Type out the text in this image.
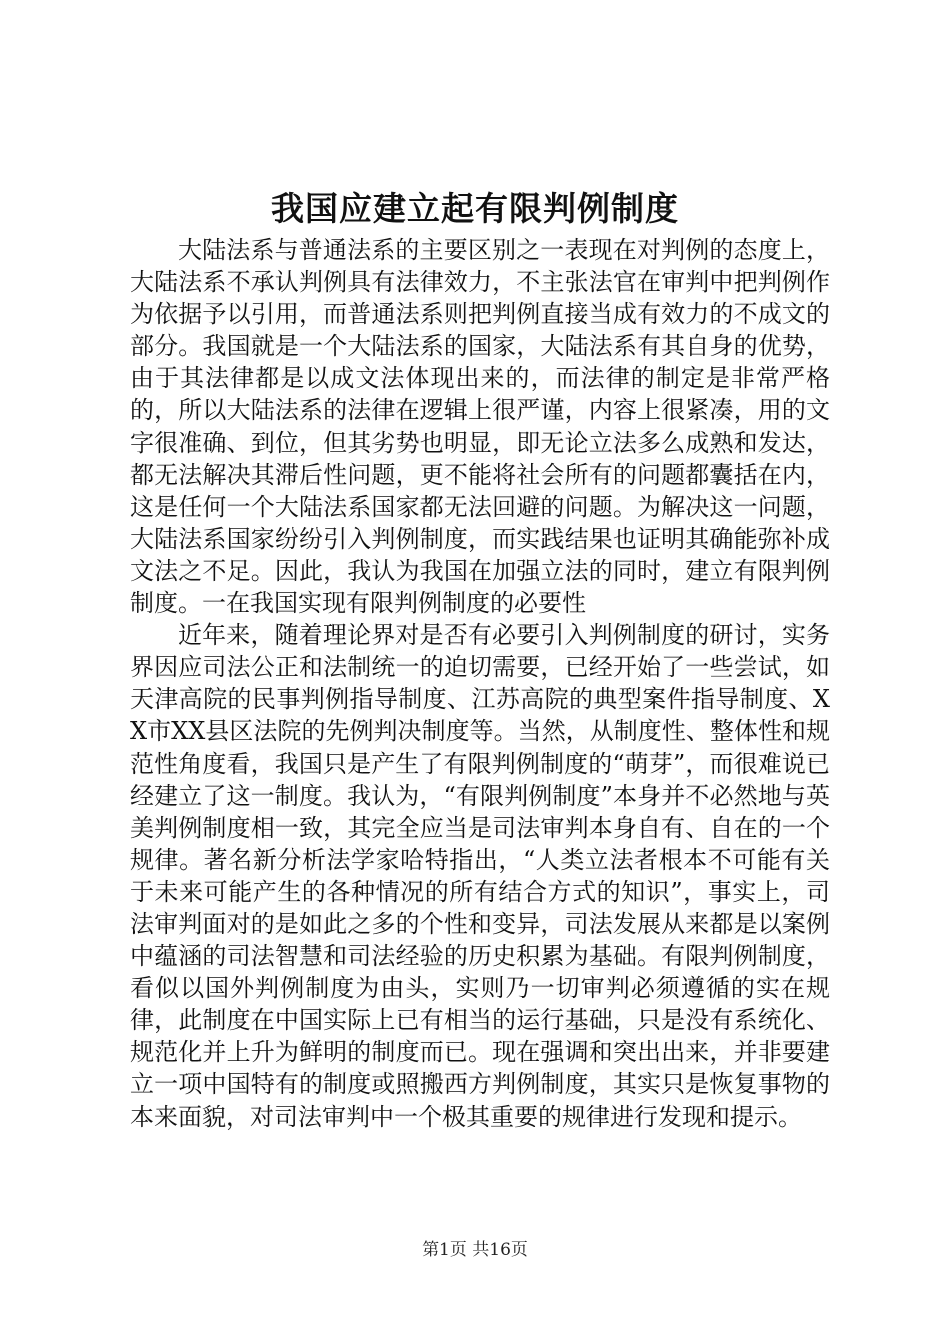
我国应建立起有限判例制度

大陆法系与普通法系的主要区别之一表现在对判例的态度上，大陆法系不承认判例具有法律效力，不主张法官在审判中把判例作为依据予以引用，而普通法系则把判例直接当成有效力的不成文的部分。我国就是一个大陆法系的国家，大陆法系有其自身的优势，由于其法律都是以成文法体现出来的，而法律的制定是非常严格的，所以大陆法系的法律在逻辑上很严谨，内容上很紧凑，用的文字很准确、到位，但其劣势也明显，即无论立法多么成熟和发达，都无法解决其滞后性问题，更不能将社会所有的问题都囊括在内，这是任何一个大陆法系国家都无法回避的问题。为解决这一问题，大陆法系国家纷纷引入判例制度，而实践结果也证明其确能弥补成文法之不足。因此，我认为我国在加强立法的同时，建立有限判例制度。一在我国实现有限判例制度的必要性

近年来，随着理论界对是否有必要引入判例制度的研讨，实务界因应司法公正和法制统一的迫切需要，已经开始了一些尝试，如天津高院的民事判例指导制度、江苏高院的典型案件指导制度、XX市XX县区法院的先例判决制度等。当然，从制度性、整体性和规范性角度看，我国只是产生了有限判例制度的“萌芽”，而很难说已经建立了这一制度。我认为，“有限判例制度”本身并不必然地与英美判例制度相一致，其完全应当是司法审判本身自有、自在的一个规律。著名新分析法学家哈特指出，“人类立法者根本不可能有关于未来可能产生的各种情况的所有结合方式的知识”，事实上，司法审判面对的是如此之多的个性和变异，司法发展从来都是以案例中蕴涵的司法智慧和司法经验的历史积累为基础。有限判例制度，看似以国外判例制度为由头，实则乃一切审判必须遵循的实在规律，此制度在中国实际上已有相当的运行基础，只是没有系统化、规范化并上升为鲜明的制度而已。现在强调和突出出来，并非要建立一项中国特有的制度或照搬西方判例制度，其实只是恢复事物的本来面貌，对司法审判中一个极其重要的规律进行发现和提示。

第1页 共16页
